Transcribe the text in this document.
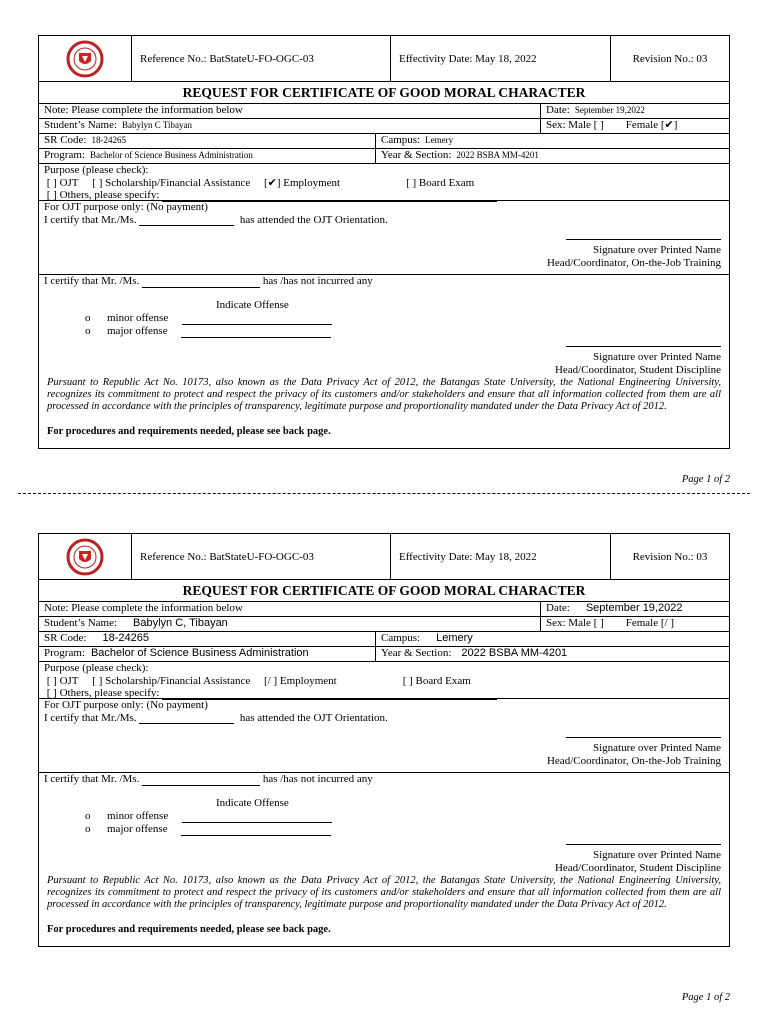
Reference No.: BatStateU-FO-OGC-03	Effectivity Date: May 18, 2022	Revision No.: 03
REQUEST FOR CERTIFICATE OF GOOD MORAL CHARACTER
Note: Please complete the information below	Date: September 19,2022
Student’s Name: Babylyn C Tibayan	Sex: Male [ ] Female [✔]
SR Code: 18-24265	Campus: Lemery
Program: Bachelor of Science Business Administration	Year & Section: 2022 BSBA MM-4201
Purpose (please check):
[ ] OJT [ ] Scholarship/Financial Assistance [✔] Employment	[ ] Board Exam
[ ] Others, please specify:
For OJT purpose only: (No payment)
I certify that Mr./Ms.	has attended the OJT Orientation.

Signature over Printed Name
Head/Coordinator, On-the-Job Training
I certify that Mr. /Ms.	has /has not incurred any
Indicate Offense
o minor offense
o major offense

Signature over Printed Name
Head/Coordinator, Student Discipline
Pursuant to Republic Act No. 10173, also known as the Data Privacy Act of 2012, the Batangas State University, the National Engineering University, recognizes its commitment to protect and respect the privacy of its customers and/or stakeholders and ensure that all information collected from them are all processed in accordance with the principles of transparency, legitimate purpose and proportionality mandated under the Data Privacy Act of 2012.
For procedures and requirements needed, please see back page.
Page 1 of 2
Reference No.: BatStateU-FO-OGC-03	Effectivity Date: May 18, 2022	Revision No.: 03
REQUEST FOR CERTIFICATE OF GOOD MORAL CHARACTER
Note: Please complete the information below	Date: September 19,2022
Student’s Name: Babylyn C, Tibayan	Sex: Male [ ] Female [/ ]
SR Code: 18-24265	Campus: Lemery
Program: Bachelor of Science Business Administration	Year & Section: 2022 BSBA MM-4201
Purpose (please check):
[ ] OJT [ ] Scholarship/Financial Assistance [/ ] Employment	[ ] Board Exam
[ ] Others, please specify:
For OJT purpose only: (No payment)
I certify that Mr./Ms.	has attended the OJT Orientation.

Signature over Printed Name
Head/Coordinator, On-the-Job Training
I certify that Mr. /Ms.	has /has not incurred any
Indicate Offense
o minor offense
o major offense

Signature over Printed Name
Head/Coordinator, Student Discipline
Pursuant to Republic Act No. 10173, also known as the Data Privacy Act of 2012, the Batangas State University, the National Engineering University, recognizes its commitment to protect and respect the privacy of its customers and/or stakeholders and ensure that all information collected from them are all processed in accordance with the principles of transparency, legitimate purpose and proportionality mandated under the Data Privacy Act of 2012.
For procedures and requirements needed, please see back page.
Page 1 of 2
